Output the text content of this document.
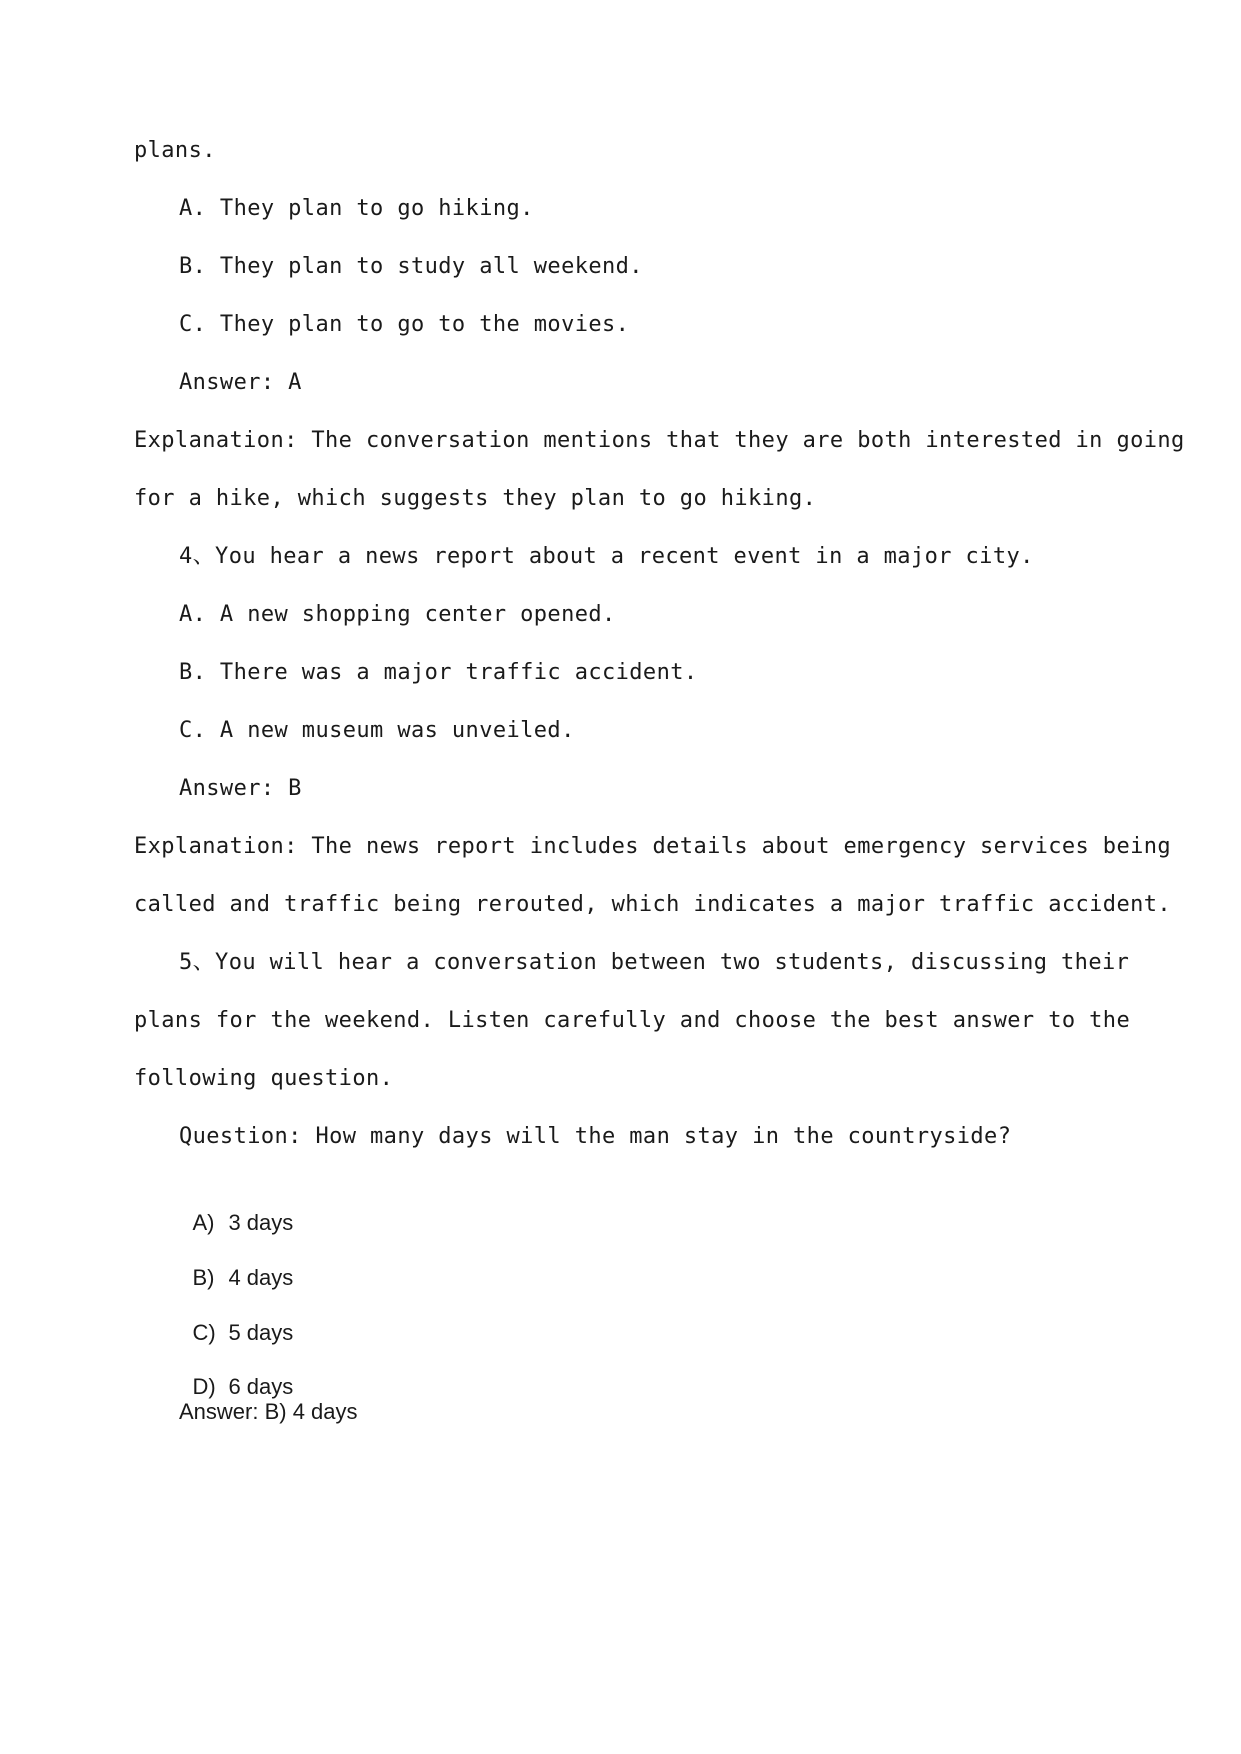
plans.
A. They plan to go hiking.
B. They plan to study all weekend.
C. They plan to go to the movies.
Answer: A
Explanation: The conversation mentions that they are both interested in going
for a hike, which suggests they plan to go hiking.
4、You hear a news report about a recent event in a major city.
A. A new shopping center opened.
B. There was a major traffic accident.
C. A new museum was unveiled.
Answer: B
Explanation: The news report includes details about emergency services being
called and traffic being rerouted, which indicates a major traffic accident.
5、You will hear a conversation between two students, discussing their
plans for the weekend. Listen carefully and choose the best answer to the
following question.
Question: How many days will the man stay in the countryside?

A) 3 days

B) 4 days

C) 5 days

D) 6 days

Answer: B) 4 days
